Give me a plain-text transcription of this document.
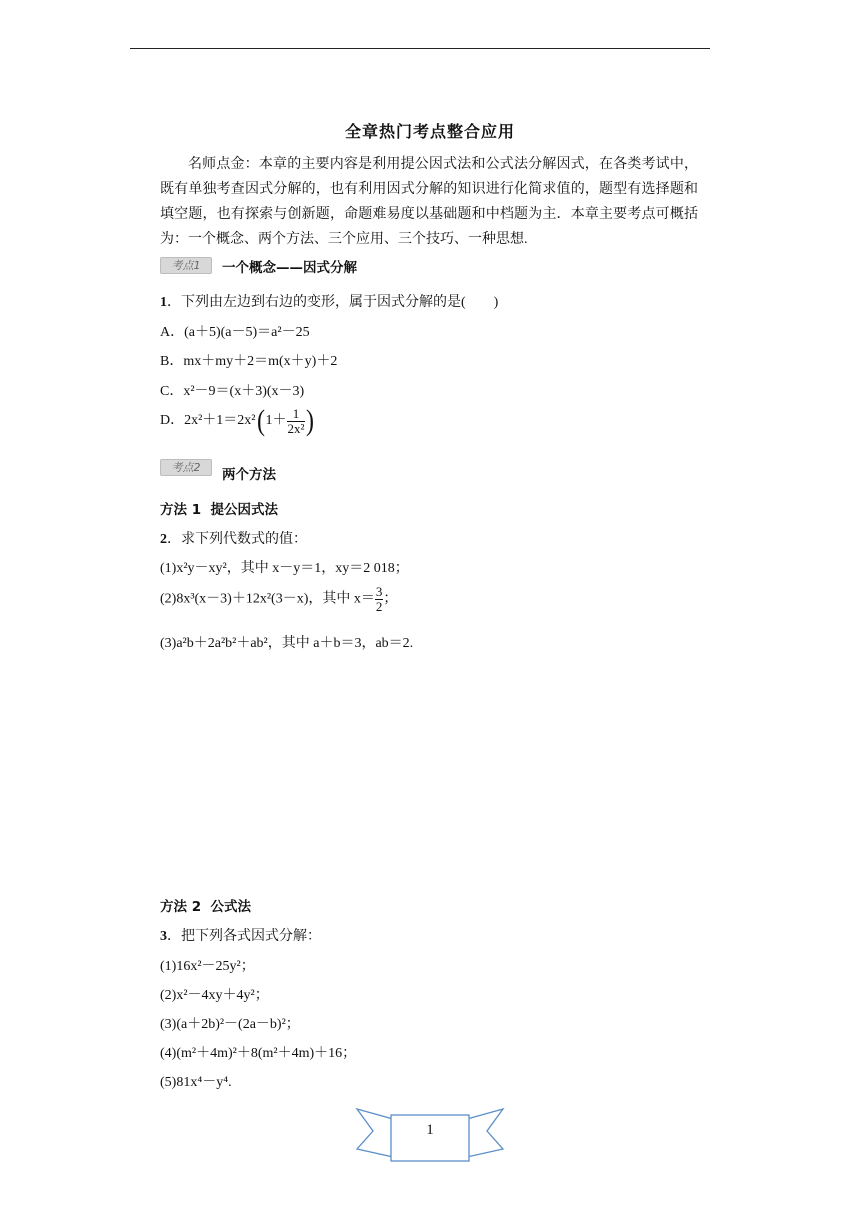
全章热门考点整合应用
名师点金：本章的主要内容是利用提公因式法和公式法分解因式，在各类考试中，既有单独考查因式分解的，也有利用因式分解的知识进行化简求值的，题型有选择题和填空题，也有探索与创新题，命题难易度以基础题和中档题为主．本章主要考点可概括为：一个概念、两个方法、三个应用、三个技巧、一种思想.
考点1	一个概念——因式分解
1．下列由左边到右边的变形，属于因式分解的是(　　)
A．(a＋5)(a－5)＝a²－25
B．mx＋my＋2＝m(x＋y)＋2
C．x²－9＝(x＋3)(x－3)
D．$2x^2+1=2x^2(1+ \frac{1}{\text{2x²}}$ )
考点2	两个方法
方法 1 提公因式法
2．求下列代数式的值：
(1)x²y－xy²，其中 x－y＝1，xy＝2 018；
(2)8x³(x－3)＋12x²(3－x)，其中 $x= \frac{3}{2}$ ；
(3)a²b＋2a²b²＋ab²，其中 a＋b＝3，ab＝2.
方法 2 公式法
3．把下列各式因式分解：
(1)16x²－25y²；
(2)x²－4xy＋4y²；
(3)(a＋2b)²－(2a－b)²；
(4)(m²＋4m)²＋8(m²＋4m)＋16；
(5)81x⁴－y⁴.
1
